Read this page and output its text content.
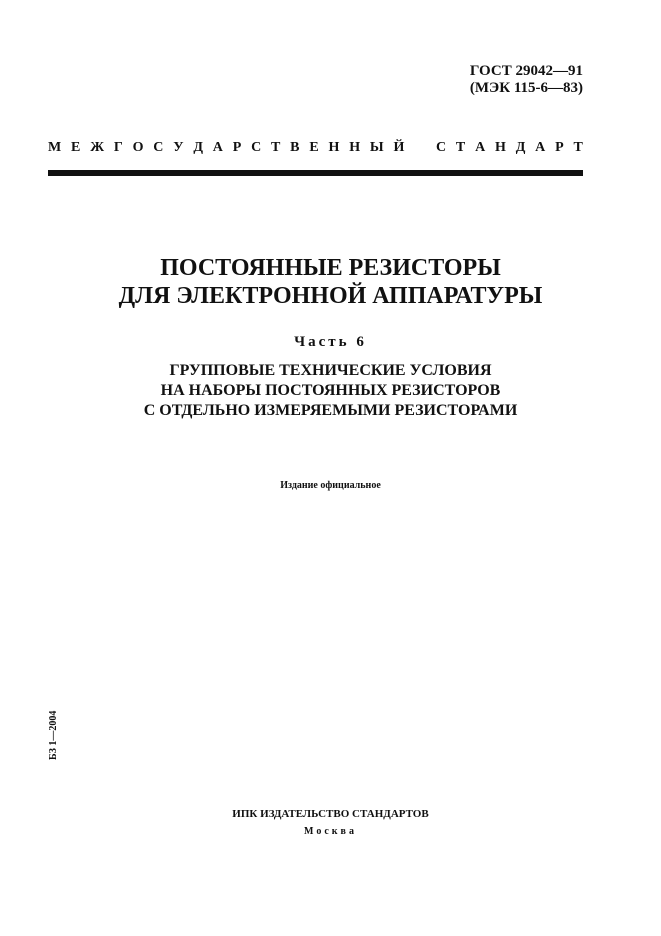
ГОСТ 29042—91
(МЭК 115-6—83)
М Е Ж Г О С У Д А Р С Т В Е Н Н Ы Й С Т А Н Д А Р Т
ПОСТОЯННЫЕ РЕЗИСТОРЫ
ДЛЯ ЭЛЕКТРОННОЙ АППАРАТУРЫ
Часть 6
ГРУППОВЫЕ ТЕХНИЧЕСКИЕ УСЛОВИЯ
НА НАБОРЫ ПОСТОЯННЫХ РЕЗИСТОРОВ
С ОТДЕЛЬНО ИЗМЕРЯЕМЫМИ РЕЗИСТОРАМИ
Издание официальное
БЗ 1—2004
ИПК ИЗДАТЕЛЬСТВО СТАНДАРТОВ
Москва
